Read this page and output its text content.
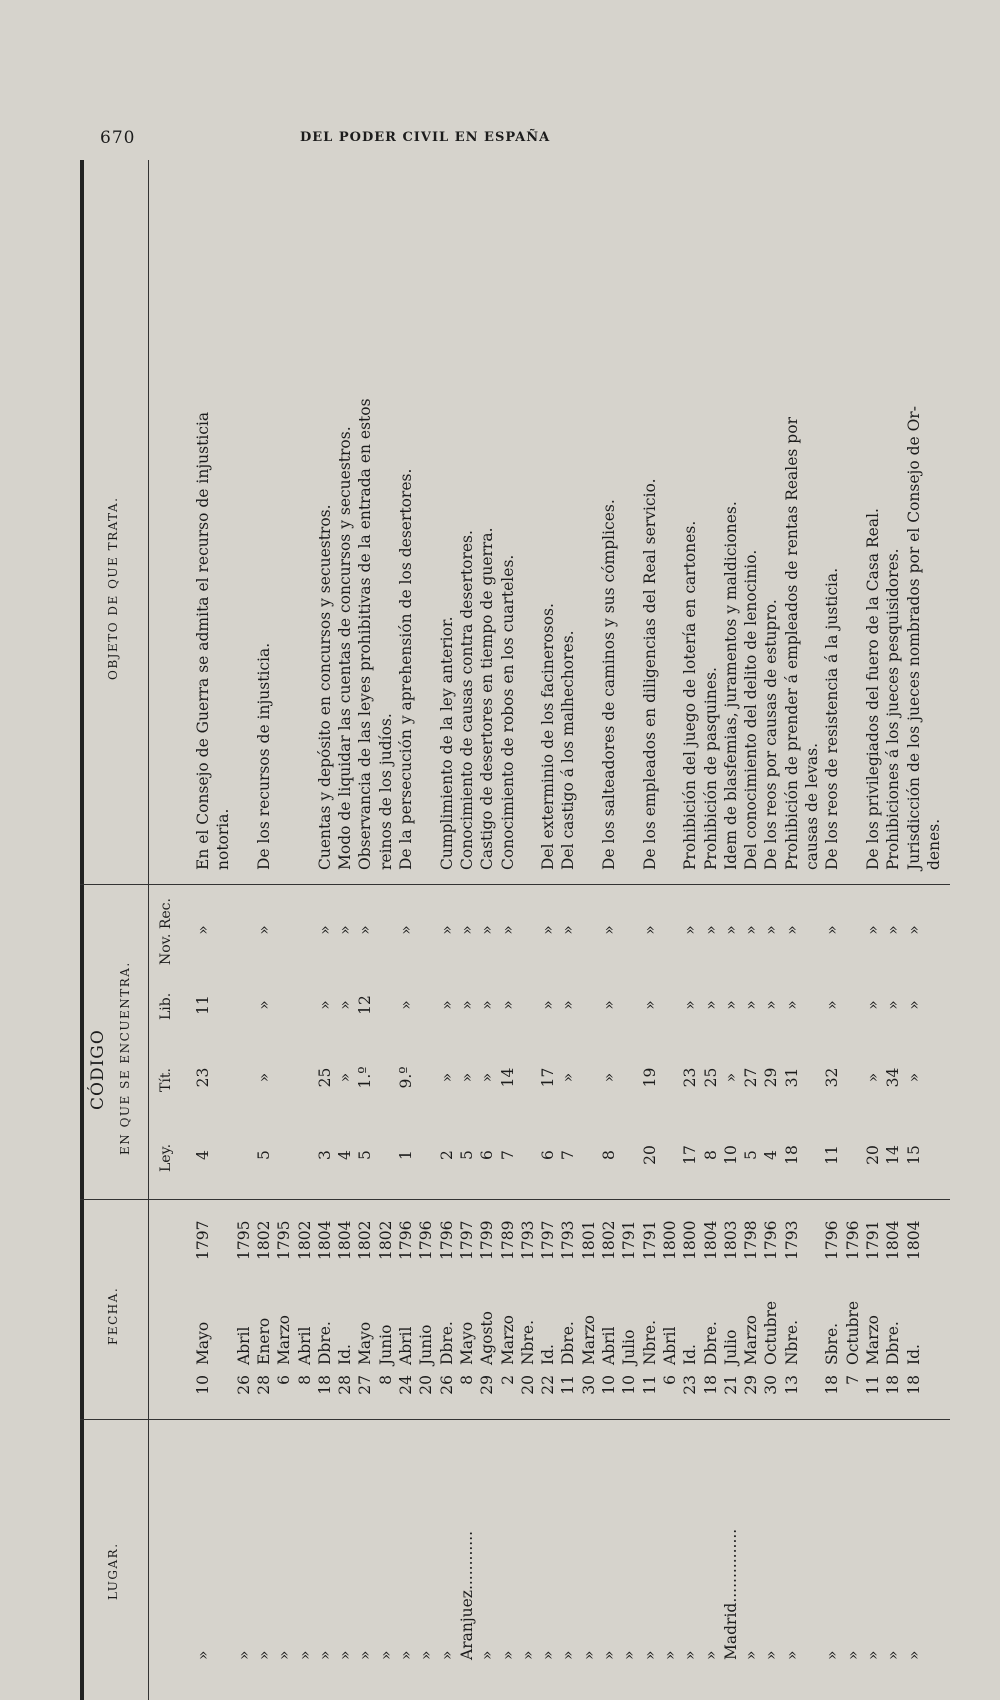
670	DEL PODER CIVIL EN ESPAÑA
LUGAR.
FECHA.
CÓDIGO EN QUE SE ENCUENTRA.
OBJETO DE QUE TRATA.
Ley.
Tít.
Lib.
Nov. Rec.
»
10
Mayo
1797
4
23
11
»
En el Consejo de Guerra se admita el recurso de injusticia notoria.
»
26
Abril
1795
»
28
Enero
1802
5
»
»
»
De los recursos de injusticia.
»
6
Marzo
1795
»
8
Abril
1802
»
18
Dbre.
1804
3
25
»
»
Cuentas y depósito en concursos y secuestros.
»
28
Id.
1804
4
»
»
»
Modo de liquidar las cuentas de concursos y secuestros.
»
27
Mayo
1802
5
1.º
12
»
Observancia de las leyes prohibitivas de la entrada en estos
»
8
Junio
1802
reinos de los judíos.
»
24
Abril
1796
1
9.º
»
»
De la persecución y aprehensión de los desertores.
»
20
Junio
1796
»
26
Dbre.
1796
2
»
»
»
Cumplimiento de la ley anterior.
Aranjuez............
8
Mayo
1797
5
»
»
»
Conocimiento de causas contra desertores.
»
29
Agosto
1799
6
»
»
»
Castigo de desertores en tiempo de guerra.
»
2
Marzo
1789
7
14
»
»
Conocimiento de robos en los cuarteles.
»
20
Nbre.
1793
»
22
Id.
1797
6
17
»
»
Del exterminio de los facinerosos.
»
11
Dbre.
1793
7
»
»
»
Del castigo á los malhechores.
»
30
Marzo
1801
»
10
Abril
1802
8
»
»
»
De los salteadores de caminos y sus cómplices.
»
10
Julio
1791
»
11
Nbre.
1791
20
19
»
»
De los empleados en diligencias del Real servicio.
»
6
Abril
1800
»
23
Id.
1800
17
23
»
»
Prohibición del juego de lotería en cartones.
»
18
Dbre.
1804
8
25
»
»
Prohibición de pasquines.
Madrid...............
21
Julio
1803
10
»
»
»
Idem de blasfemias, juramentos y maldiciones.
»
29
Marzo
1798
5
27
»
»
Del conocimiento del delito de lenocinio.
»
30
Octubre
1796
4
29
»
»
De los reos por causas de estupro.
»
13
Nbre.
1793
18
31
»
»
Prohibición de prender á empleados de rentas Reales por causas de levas.
»
18
Sbre.
1796
11
32
»
»
De los reos de resistencia á la justicia.
»
7
Octubre
1796
»
11
Marzo
1791
20
»
»
»
De los privilegiados del fuero de la Casa Real.
»
18
Dbre.
1804
14
34
»
»
Prohibiciones á los jueces pesquisidores.
»
18
Id.
1804
15
»
»
»
Jurisdicción de los jueces nombrados por el Consejo de Or- denes.
